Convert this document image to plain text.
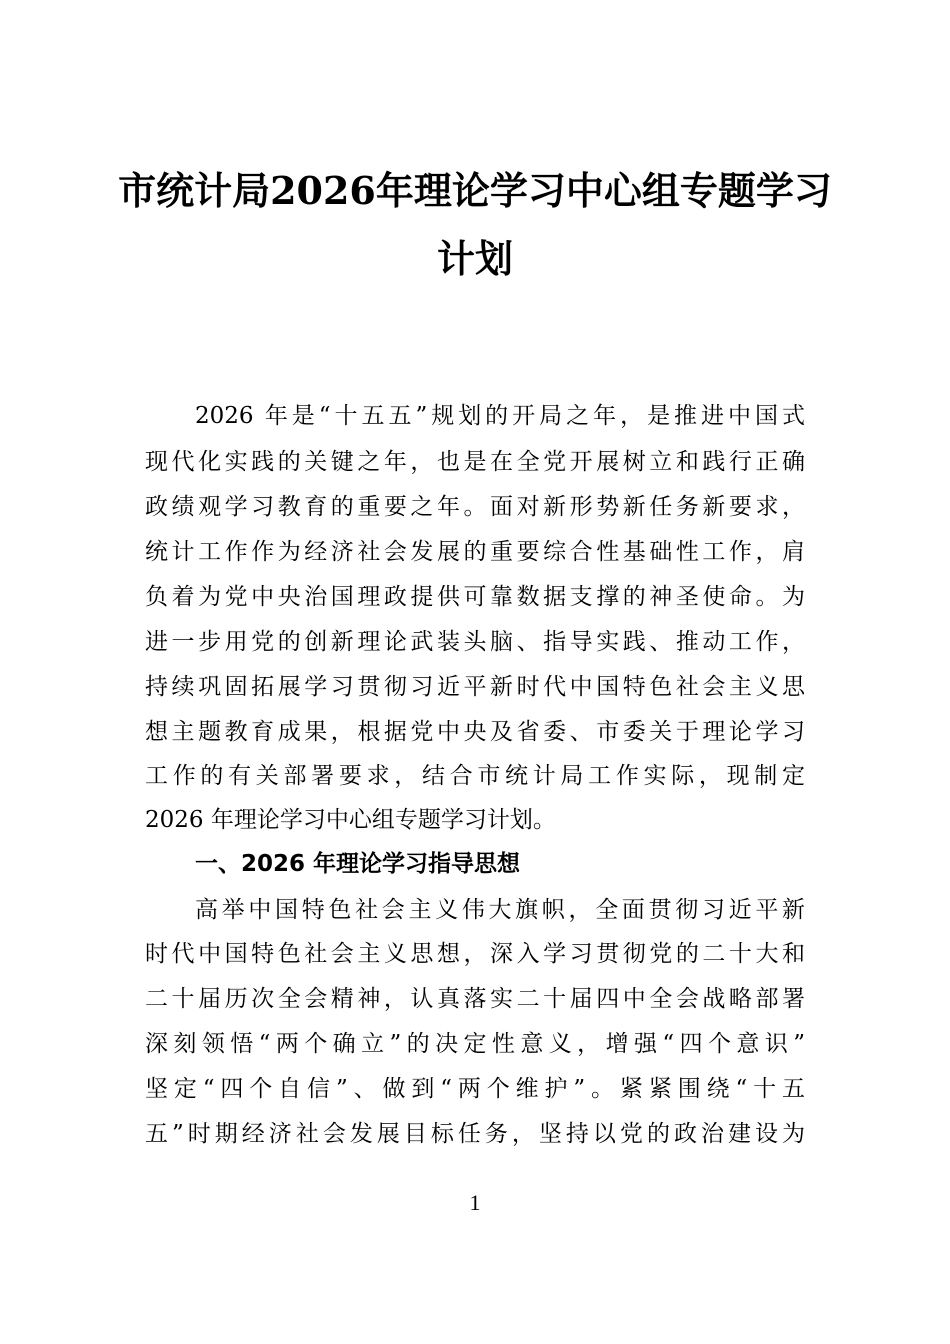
市统计局2026年理论学习中心组专题学习
计划
2026 年是“十五五”规划的开局之年，是推进中国式
现代化实践的关键之年，也是在全党开展树立和践行正确
政绩观学习教育的重要之年。面对新形势新任务新要求，
统计工作作为经济社会发展的重要综合性基础性工作，肩
负着为党中央治国理政提供可靠数据支撑的神圣使命。为
进一步用党的创新理论武装头脑、指导实践、推动工作，
持续巩固拓展学习贯彻习近平新时代中国特色社会主义思
想主题教育成果，根据党中央及省委、市委关于理论学习
工作的有关部署要求，结合市统计局工作实际，现制定
2026 年理论学习中心组专题学习计划。
一、2026 年理论学习指导思想
高举中国特色社会主义伟大旗帜，全面贯彻习近平新
时代中国特色社会主义思想，深入学习贯彻党的二十大和
二十届历次全会精神，认真落实二十届四中全会战略部署
深刻领悟“两个确立”的决定性意义，增强“四个意识”
坚定“四个自信”、做到“两个维护”。紧紧围绕“十五
五”时期经济社会发展目标任务，坚持以党的政治建设为
1
